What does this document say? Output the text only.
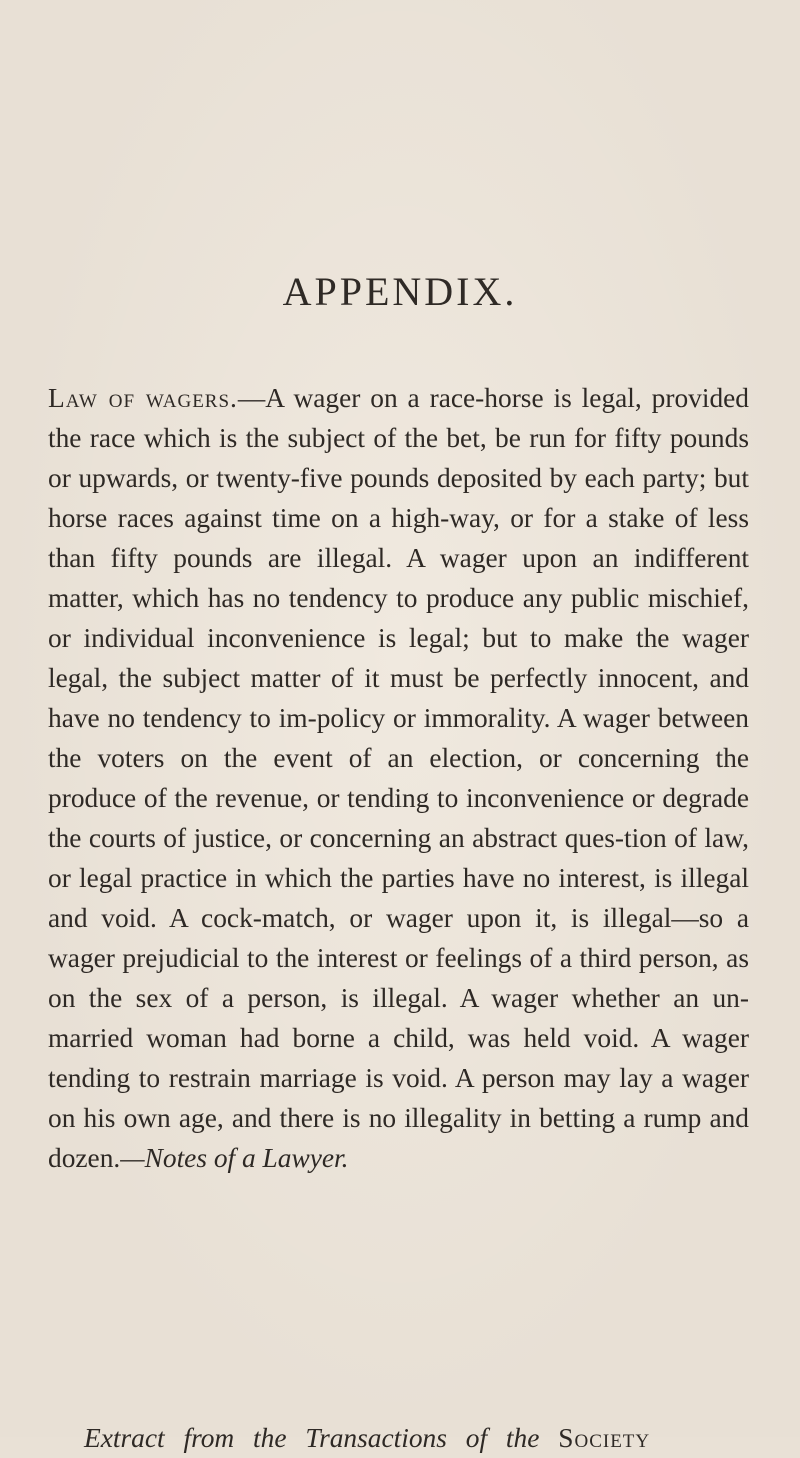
APPENDIX.

Law of wagers.—A wager on a race-horse is legal, provided the race which is the subject of the bet, be run for fifty pounds or upwards, or twenty-five pounds deposited by each party; but horse races against time on a high-way, or for a stake of less than fifty pounds are illegal. A wager upon an indifferent matter, which has no tendency to produce any public mischief, or individual inconvenience is legal; but to make the wager legal, the subject matter of it must be perfectly innocent, and have no tendency to im-policy or immorality. A wager between the voters on the event of an election, or concerning the produce of the revenue, or tending to inconvenience or degrade the courts of justice, or concerning an abstract ques-tion of law, or legal practice in which the parties have no interest, is illegal and void. A cock-match, or wager upon it, is illegal—so a wager prejudicial to the interest or feelings of a third person, as on the sex of a person, is illegal. A wager whether an un-married woman had borne a child, was held void. A wager tending to restrain marriage is void. A person may lay a wager on his own age, and there is no illegality in betting a rump and dozen.—Notes of a Lawyer.

Extract from the Transactions of the Society
